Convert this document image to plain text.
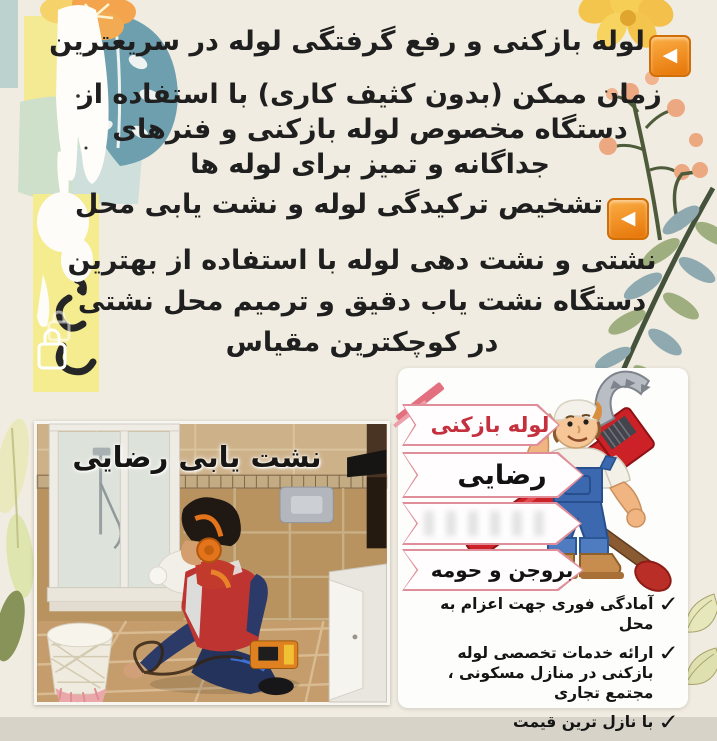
◀لوله بازکنی و رفع گرفتگی لوله در سریعترین
زمان ممکن (بدون کثیف کاری) با استفاده از
دستگاه مخصوص لوله بازکنی و فنرهای
جداگانه و تمیز برای لوله ها
◀تشخیص ترکیدگی لوله و نشت یابی محل
نشتی و نشت دهی لوله با استفاده از بهترین
دستگاه نشت یاب دقیق و ترمیم محل نشتی
در کوچکترین مقیاس
نشت یابی رضایی
لوله بازکنی
رضایی
بروجن و حومه
✓
آمادگی فوری جهت اعزام به محل
✓
ارائه خدمات تخصصی لوله بازکنی در منازل مسکونی ، مجتمع تجاری
✓
با نازل ترین قیمت
